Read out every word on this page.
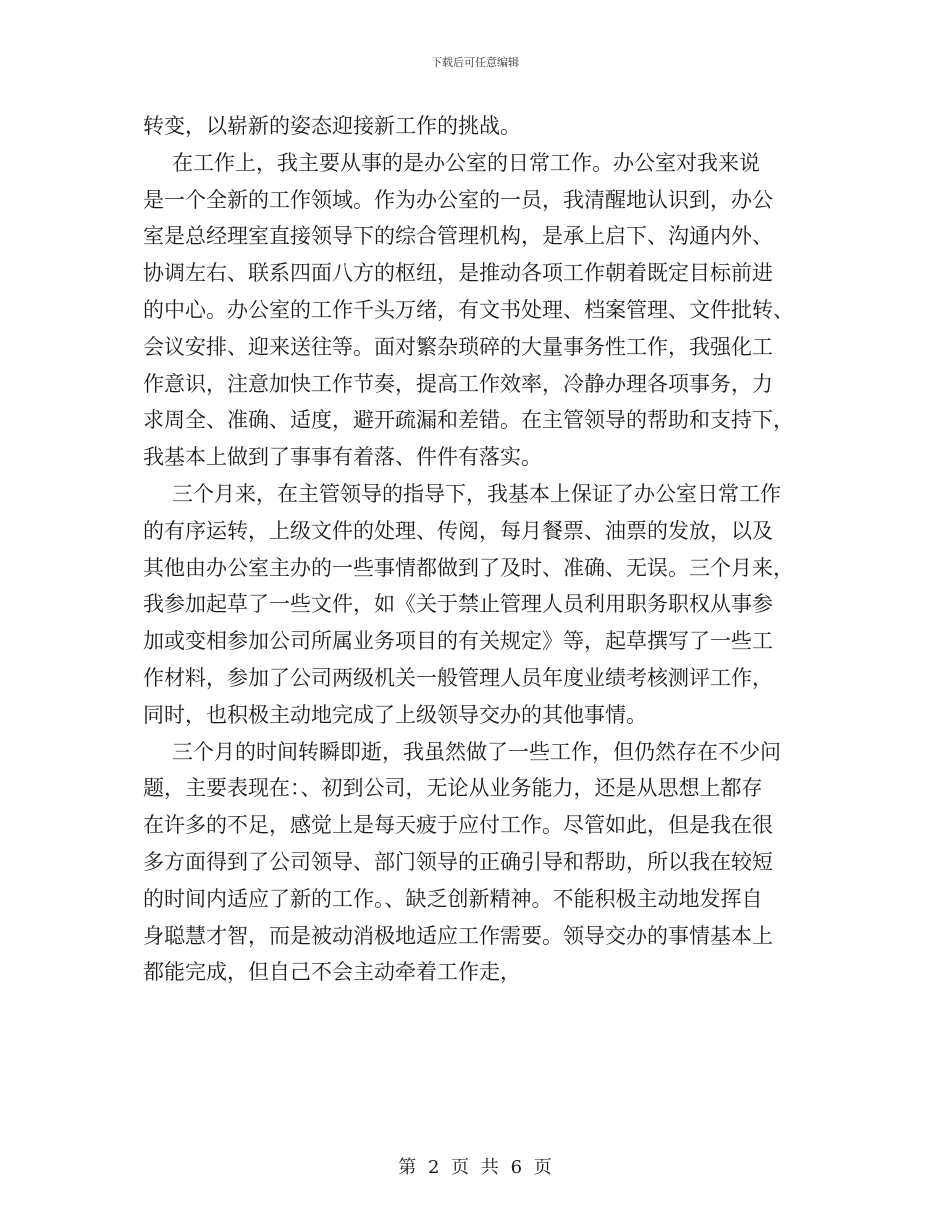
下载后可任意编辑
转变，以崭新的姿态迎接新工作的挑战。
在工作上，我主要从事的是办公室的日常工作。办公室对我来说
是一个全新的工作领域。作为办公室的一员，我清醒地认识到，办公
室是总经理室直接领导下的综合管理机构，是承上启下、沟通内外、
协调左右、联系四面八方的枢纽，是推动各项工作朝着既定目标前进
的中心。办公室的工作千头万绪，有文书处理、档案管理、文件批转、
会议安排、迎来送往等。面对繁杂琐碎的大量事务性工作，我强化工
作意识，注意加快工作节奏，提高工作效率，冷静办理各项事务，力
求周全、准确、适度，避开疏漏和差错。在主管领导的帮助和支持下，
我基本上做到了事事有着落、件件有落实。
三个月来，在主管领导的指导下，我基本上保证了办公室日常工作
的有序运转，上级文件的处理、传阅，每月餐票、油票的发放，以及
其他由办公室主办的一些事情都做到了及时、准确、无误。三个月来，
我参加起草了一些文件，如《关于禁止管理人员利用职务职权从事参
加或变相参加公司所属业务项目的有关规定》等，起草撰写了一些工
作材料，参加了公司两级机关一般管理人员年度业绩考核测评工作，
同时，也积极主动地完成了上级领导交办的其他事情。
三个月的时间转瞬即逝，我虽然做了一些工作，但仍然存在不少问
题，主要表现在：、初到公司，无论从业务能力，还是从思想上都存
在许多的不足，感觉上是每天疲于应付工作。尽管如此，但是我在很
多方面得到了公司领导、部门领导的正确引导和帮助，所以我在较短
的时间内适应了新的工作。、缺乏创新精神。不能积极主动地发挥自
身聪慧才智，而是被动消极地适应工作需要。领导交办的事情基本上
都能完成，但自己不会主动牵着工作走，
第 2 页 共 6 页
